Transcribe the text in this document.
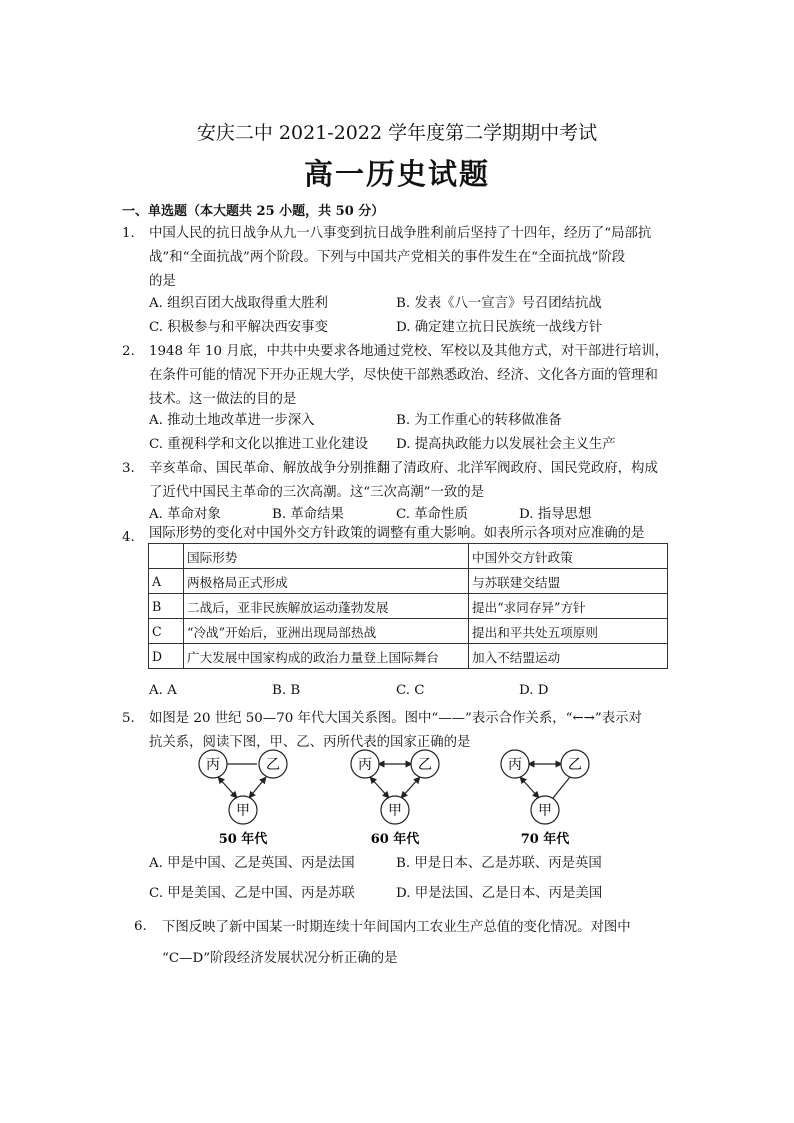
安庆二中 2021-2022 学年度第二学期期中考试
高一历史试题
一、单选题（本大题共 25 小题，共 50 分）
1. 中国人民的抗日战争从九一八事变到抗日战争胜利前后坚持了十四年，经历了“局部抗
战”和“全面抗战”两个阶段。下列与中国共产党相关的事件发生在“全面抗战”阶段
的是
A. 组织百团大战取得重大胜利	B. 发表《八一宣言》号召团结抗战
C. 积极参与和平解决西安事变	D. 确定建立抗日民族统一战线方针
2. 1948 年 10 月底，中共中央要求各地通过党校、军校以及其他方式，对干部进行培训，
在条件可能的情况下开办正规大学，尽快使干部熟悉政治、经济、文化各方面的管理和
技术。这一做法的目的是
A. 推动土地改革进一步深入	B. 为工作重心的转移做准备
C. 重视科学和文化以推进工业化建设 D. 提高执政能力以发展社会主义生产
3. 辛亥革命、国民革命、解放战争分别推翻了清政府、北洋军阀政府、国民党政府，构成
了近代中国民主革命的三次高潮。这“三次高潮”一致的是
A. 革命对象	B. 革命结果	C. 革命性质	D. 指导思想
4. 国际形势的变化对中国外交方针政策的调整有重大影响。如表所示各项对应准确的是
	国际形势	中国外交方针政策
A	两极格局正式形成	与苏联建交结盟
B	二战后，亚非民族解放运动蓬勃发展	提出“求同存异”方针
C	“冷战”开始后，亚洲出现局部热战	提出和平共处五项原则
D	广大发展中国家构成的政治力量登上国际舞台	加入不结盟运动
A. A	B. B	C. C	D. D
5. 如图是 20 世纪 50—70 年代大国关系图。图中“——”表示合作关系，“←→”表示对
抗关系，阅读下图，甲、乙、丙所代表的国家正确的是
丙	乙
甲
50 年代
丙	乙
甲
60 年代
丙	乙
甲
70 年代
A. 甲是中国、乙是英国、丙是法国	B. 甲是日本、乙是苏联、丙是英国
C. 甲是美国、乙是中国、丙是苏联	D. 甲是法国、乙是日本、丙是美国
6. 下图反映了新中国某一时期连续十年间国内工农业生产总值的变化情况。对图中
“C—D”阶段经济发展状况分析正确的是
